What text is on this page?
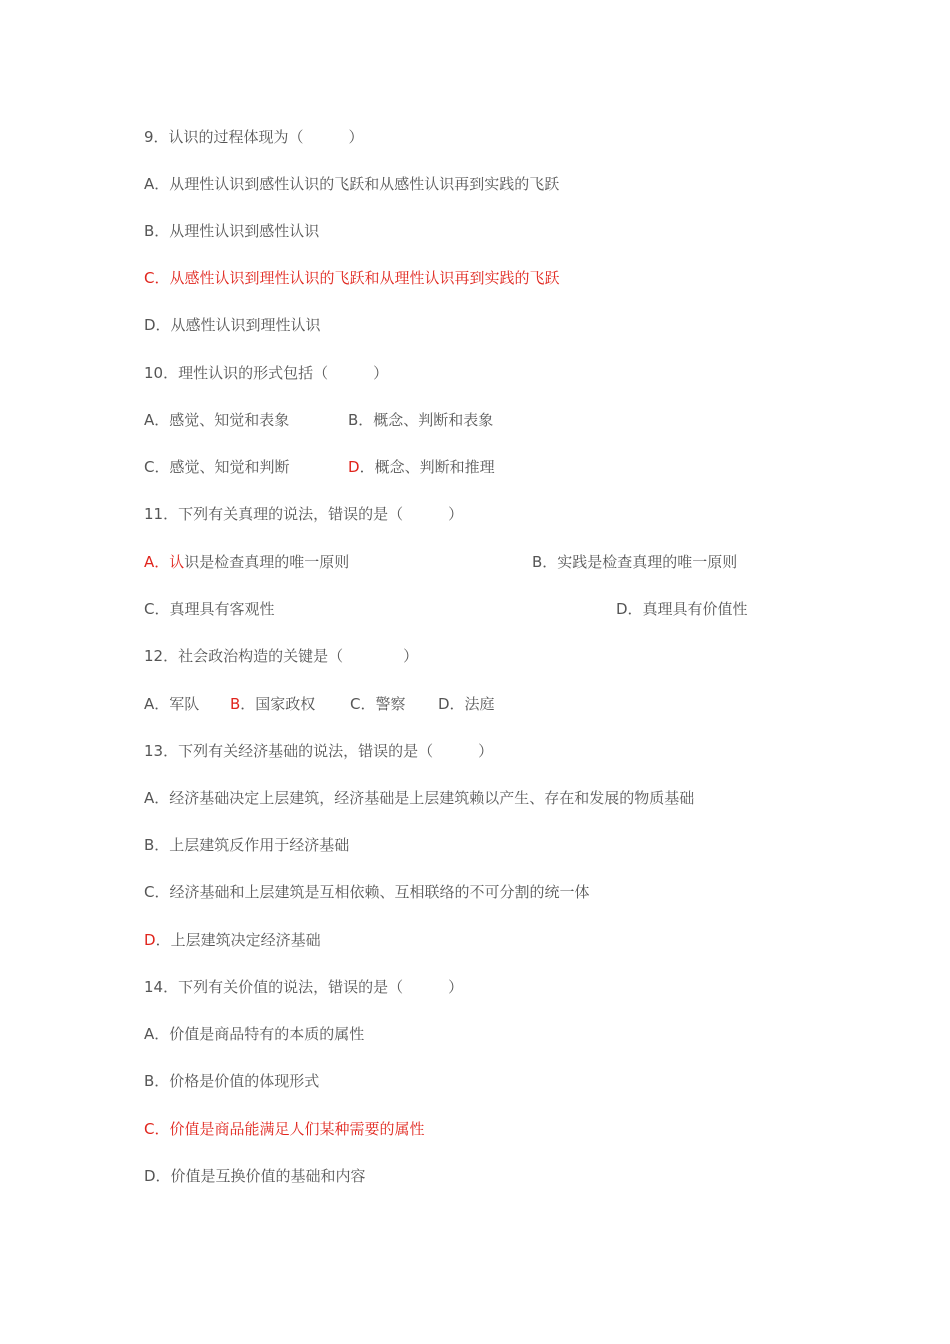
9．认识的过程体现为（　　　）
A．从理性认识到感性认识的飞跃和从感性认识再到实践的飞跃
B．从理性认识到感性认识
C．从感性认识到理性认识的飞跃和从理性认识再到实践的飞跃
D．从感性认识到理性认识
10．理性认识的形式包括（　　　）

A．感觉、知觉和表象

	B．概念、判断和表象

C．感觉、知觉和判断

	D．概念、判断和推理

11．下列有关真理的说法，错误的是（　　　）

A．认识是检查真理的唯一原则

	B．实践是检查真理的唯一原则

C．真理具有客观性

	D．真理具有价值性

12．社会政治构造的关键是（　　　　）

A．军队

B．国家政权

C．警察

D．法庭

13．下列有关经济基础的说法，错误的是（　　　）
A．经济基础决定上层建筑，经济基础是上层建筑赖以产生、存在和发展的物质基础
B．上层建筑反作用于经济基础
C．经济基础和上层建筑是互相依赖、互相联络的不可分割的统一体
D．上层建筑决定经济基础
14．下列有关价值的说法，错误的是（　　　）
A．价值是商品特有的本质的属性
B．价格是价值的体现形式
C．价值是商品能满足人们某种需要的属性
D．价值是互换价值的基础和内容
